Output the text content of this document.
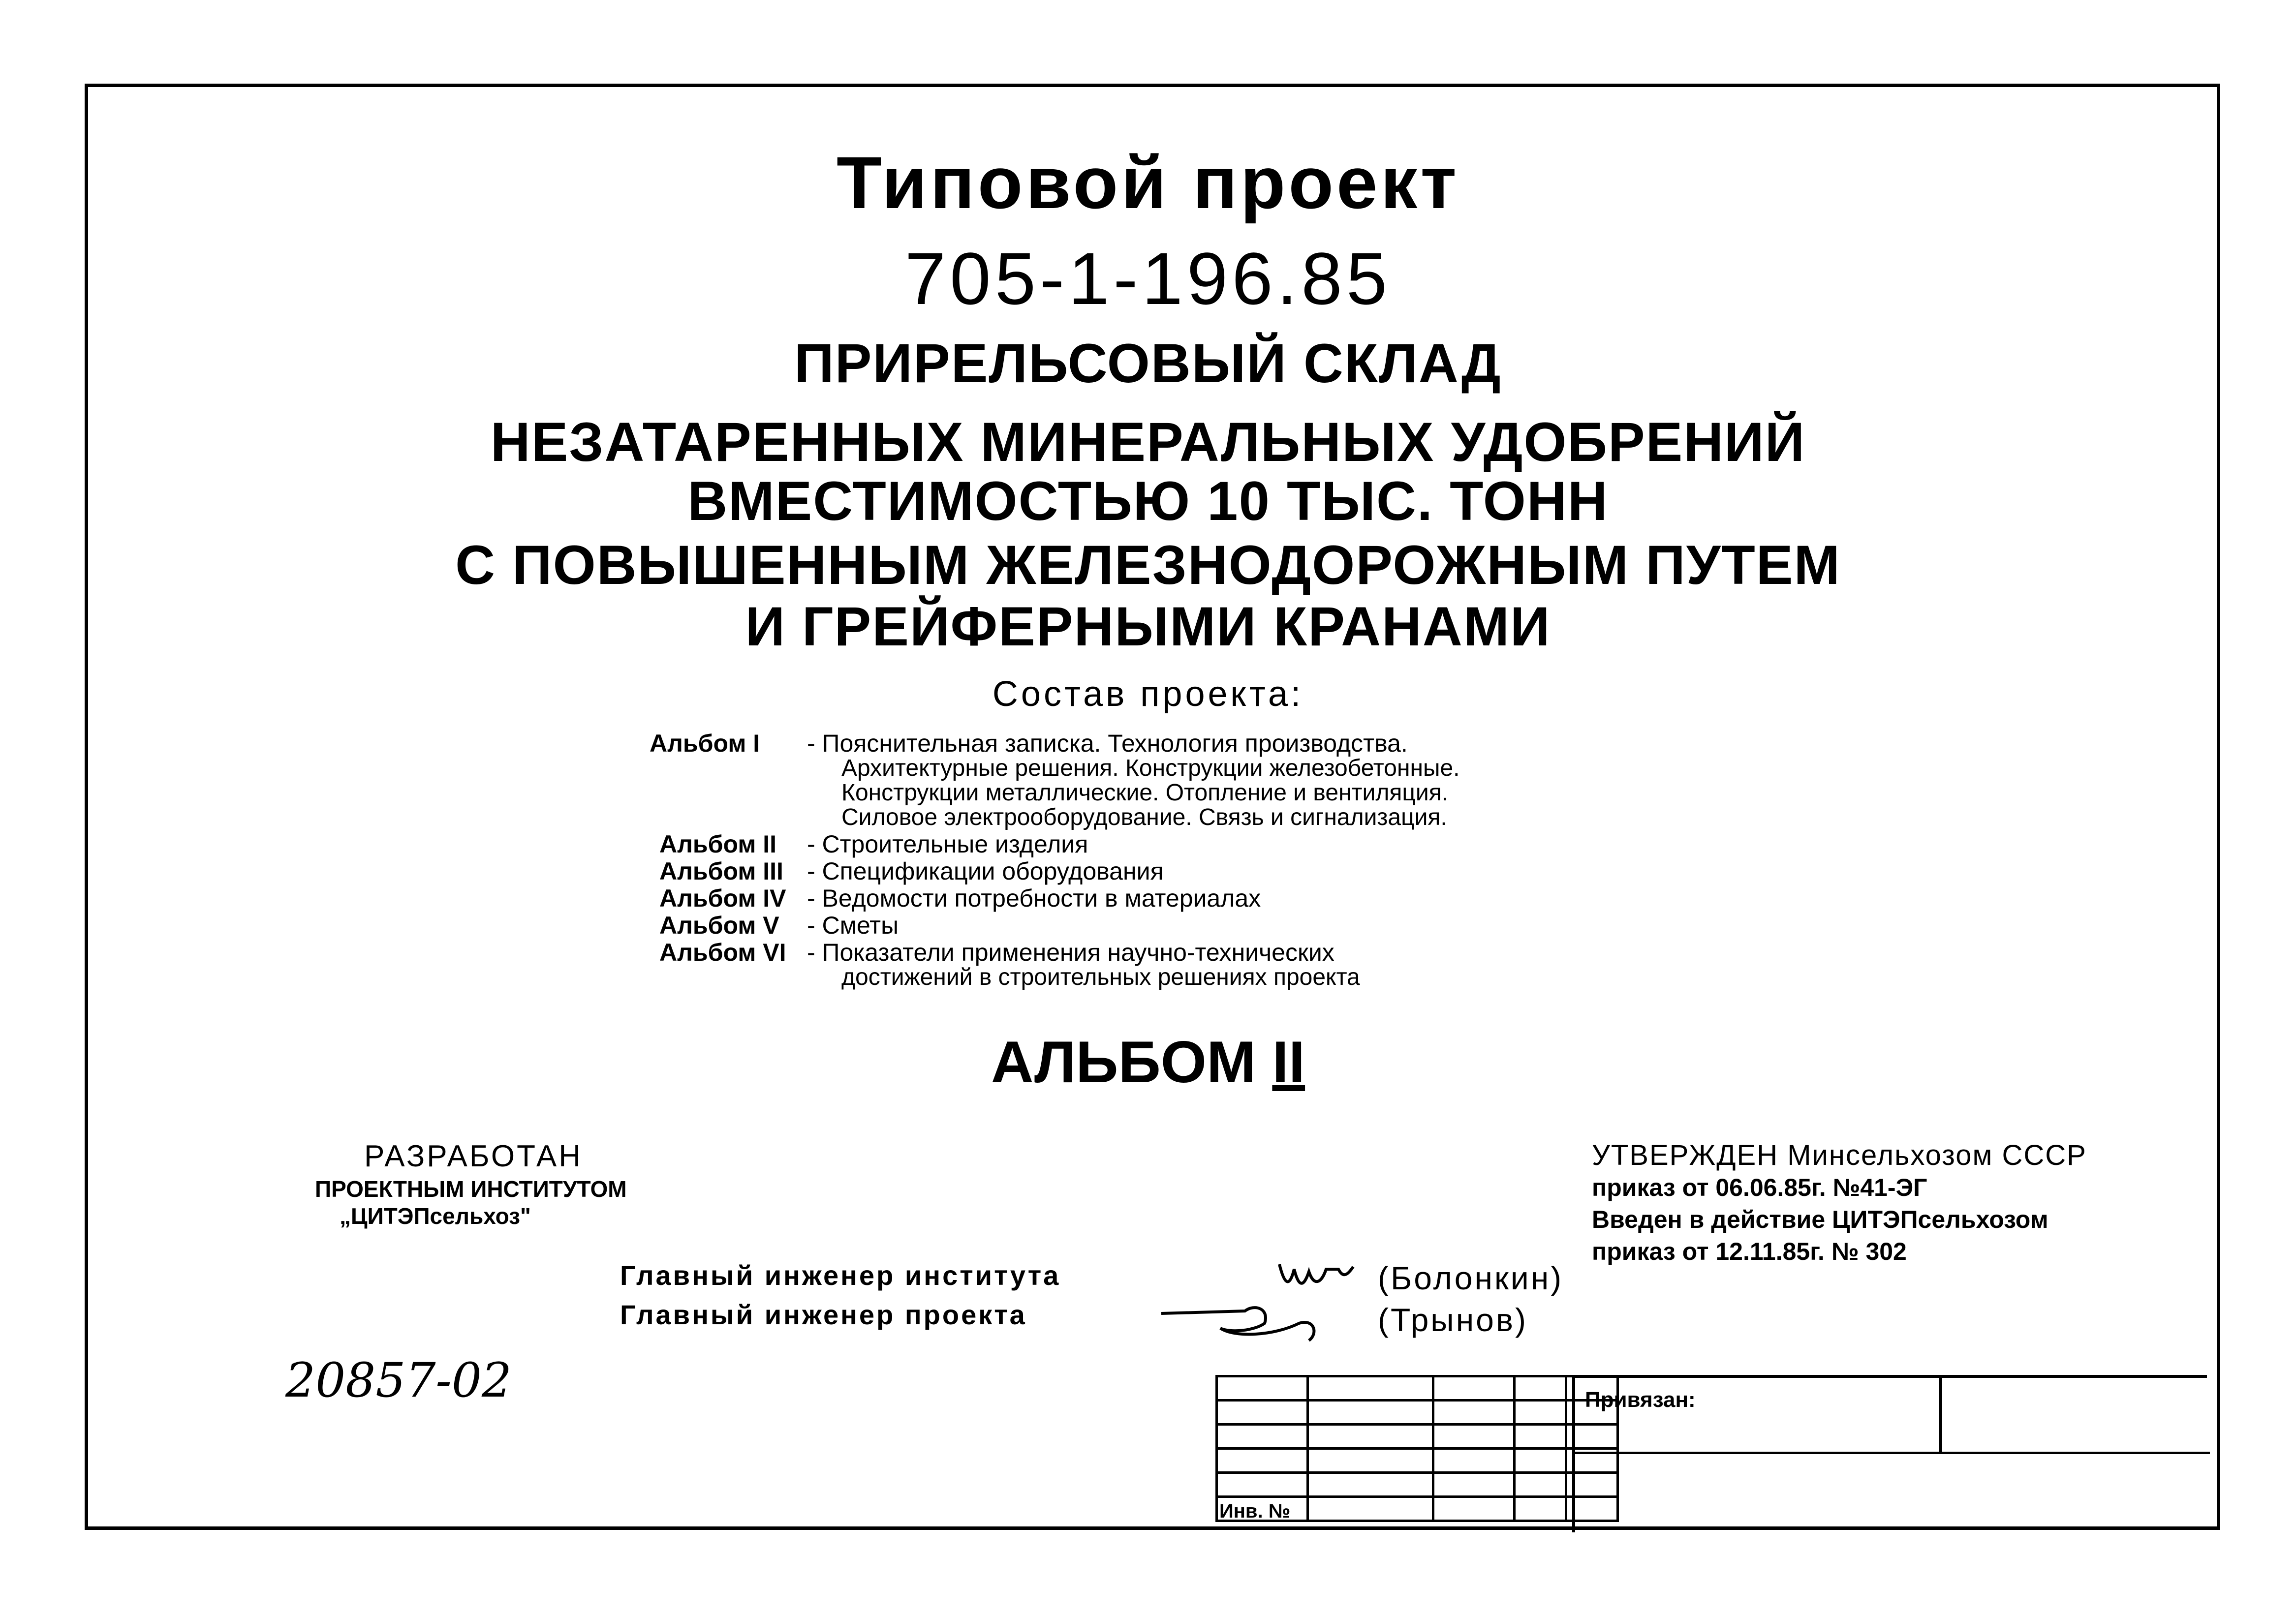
Типовой проект
705-1-196.85
ПРИРЕЛЬСОВЫЙ СКЛАД
НЕЗАТАРЕННЫХ МИНЕРАЛЬНЫХ УДОБРЕНИЙ
ВМЕСТИМОСТЬЮ 10 ТЫС. ТОНН
С ПОВЫШЕННЫМ ЖЕЛЕЗНОДОРОЖНЫМ ПУТЕМ
И ГРЕЙФЕРНЫМИ КРАНАМИ
Состав проекта:
Альбом I - Пояснительная записка. Технология производства.
Архитектурные решения. Конструкции железобетонные.
Конструкции металлические. Отопление и вентиляция.
Силовое электрооборудование. Связь и сигнализация.
Альбом II - Строительные изделия
Альбом III - Спецификации оборудования
Альбом IV - Ведомости потребности в материалах
Альбом V - Сметы
Альбом VI - Показатели применения научно-технических
достижений в строительных решениях проекта
АЛЬБОМ II
РАЗРАБОТАН
ПРОЕКТНЫМ ИНСТИТУТОМ
„ЦИТЭПсельхоз"
УТВЕРЖДЕН Минсельхозом СССР
приказ от 06.06.85г. №41-ЭГ
Введен в действие ЦИТЭПсельхозом
приказ от 12.11.85г. № 302
Главный инженер института
Главный инженер проекта
(Болонкин)
(Трынов)
20857-02

Инв. №
Привязан:
